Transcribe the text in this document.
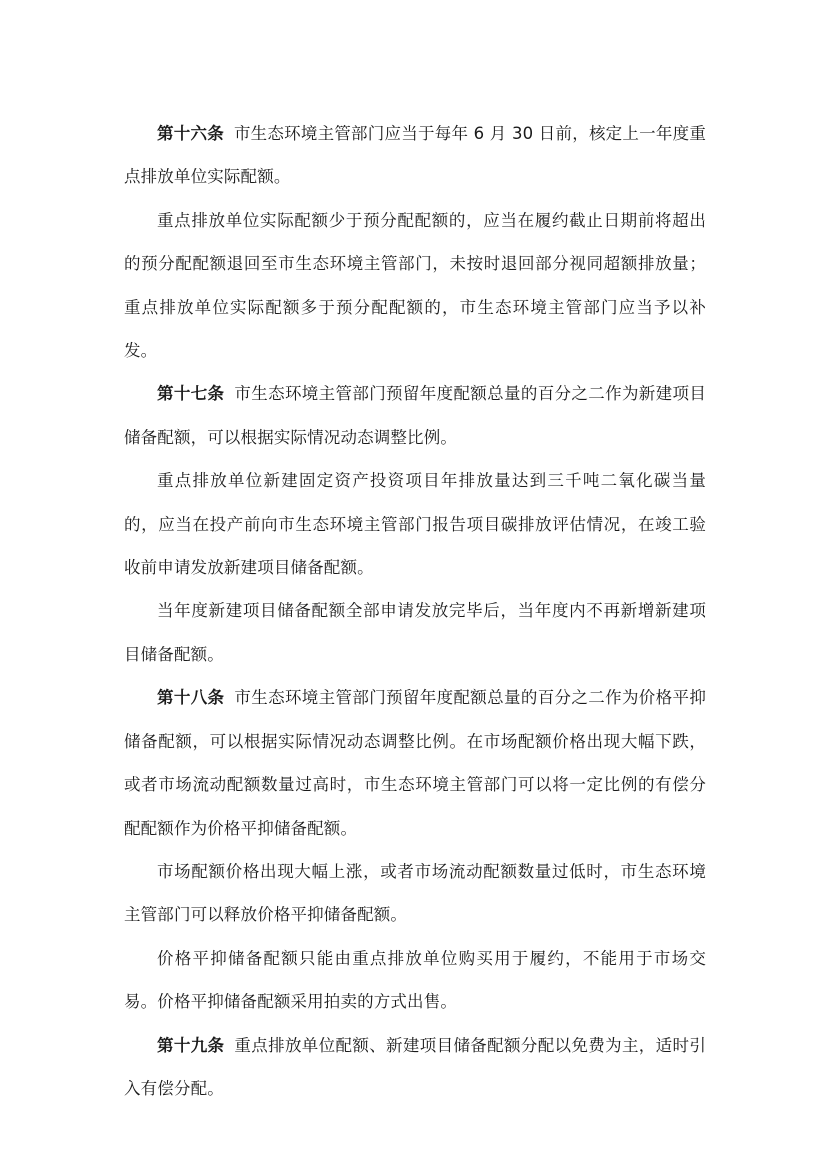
第十六条 市生态环境主管部门应当于每年 6 月 30 日前，核定上一年度重点排放单位实际配额。

重点排放单位实际配额少于预分配配额的，应当在履约截止日期前将超出的预分配配额退回至市生态环境主管部门，未按时退回部分视同超额排放量；重点排放单位实际配额多于预分配配额的，市生态环境主管部门应当予以补发。

第十七条 市生态环境主管部门预留年度配额总量的百分之二作为新建项目储备配额，可以根据实际情况动态调整比例。

重点排放单位新建固定资产投资项目年排放量达到三千吨二氧化碳当量的，应当在投产前向市生态环境主管部门报告项目碳排放评估情况，在竣工验收前申请发放新建项目储备配额。

当年度新建项目储备配额全部申请发放完毕后，当年度内不再新增新建项目储备配额。

第十八条 市生态环境主管部门预留年度配额总量的百分之二作为价格平抑储备配额，可以根据实际情况动态调整比例。在市场配额价格出现大幅下跌，或者市场流动配额数量过高时，市生态环境主管部门可以将一定比例的有偿分配配额作为价格平抑储备配额。

市场配额价格出现大幅上涨，或者市场流动配额数量过低时，市生态环境主管部门可以释放价格平抑储备配额。

价格平抑储备配额只能由重点排放单位购买用于履约，不能用于市场交易。价格平抑储备配额采用拍卖的方式出售。

第十九条 重点排放单位配额、新建项目储备配额分配以免费为主，适时引入有偿分配。
